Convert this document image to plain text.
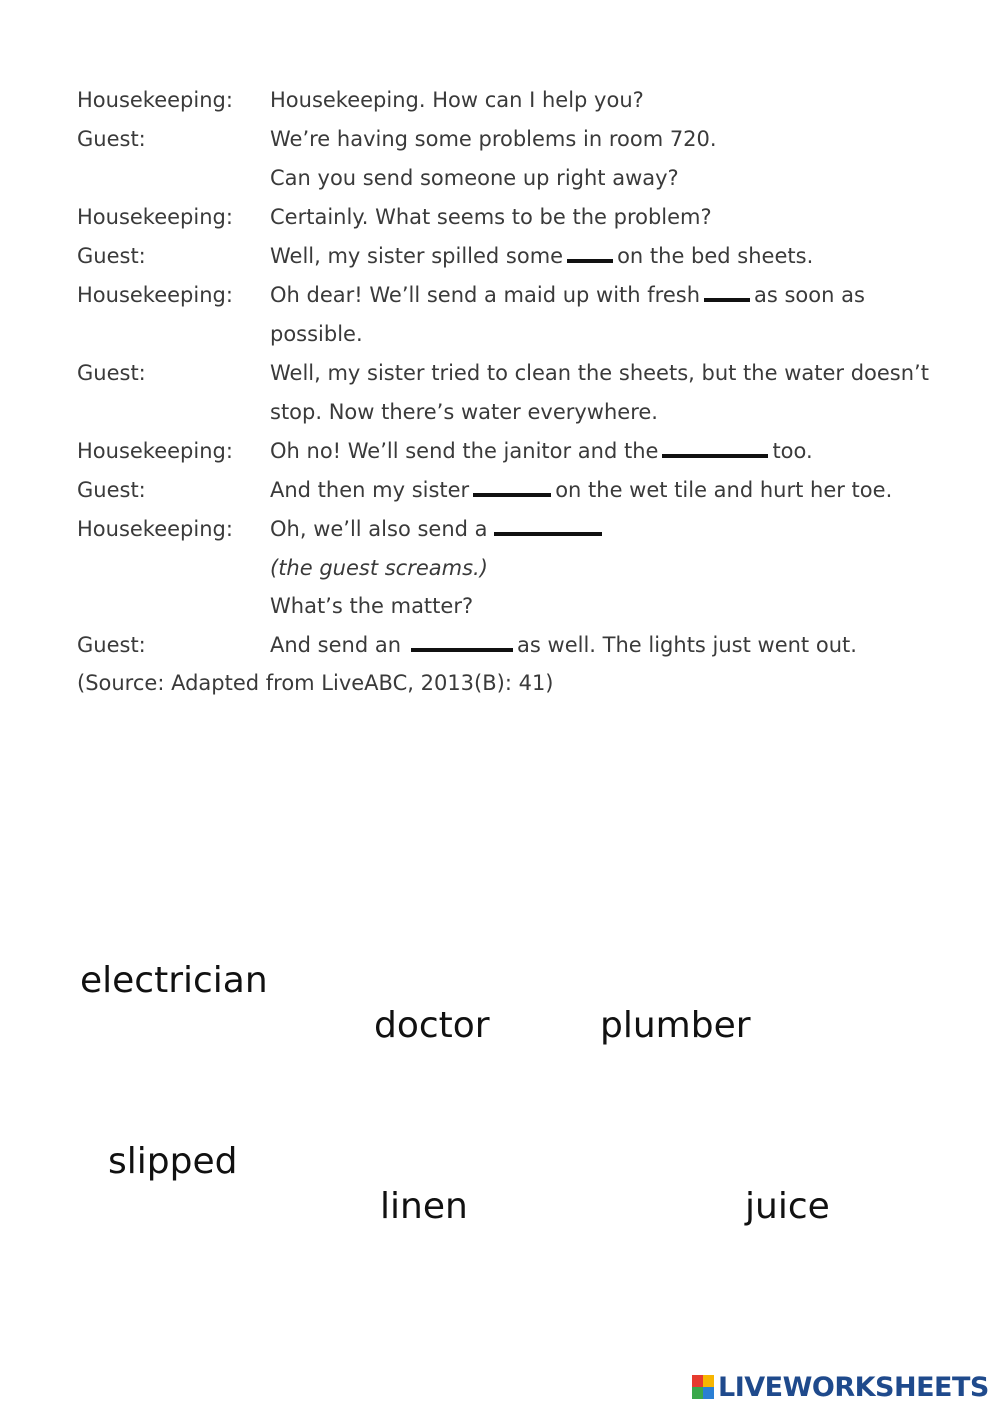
Housekeeping: Housekeeping. How can I help you?
Guest:	We’re having some problems in room 720.
Can you send someone up right away?
Housekeeping: Certainly. What seems to be the problem?
Guest:	Well, my sister spilled some	on the bed sheets.
Housekeeping: Oh dear! We’ll send a maid up with fresh	as soon as
possible.
Guest:	Well, my sister tried to clean the sheets, but the water doesn’t
stop. Now there’s water everywhere.
Housekeeping: Oh no! We’ll send the janitor and the	too.
Guest:	And then my sister	on the wet tile and hurt her toe.
Housekeeping: Oh, we’ll also send a
(the guest screams.)
What’s the matter?
Guest:	And send an	as well. The lights just went out.
(Source: Adapted from LiveABC, 2013(B): 41)
electrician
doctor	plumber
slipped
linen	juice
LIVEWORKSHEETS
